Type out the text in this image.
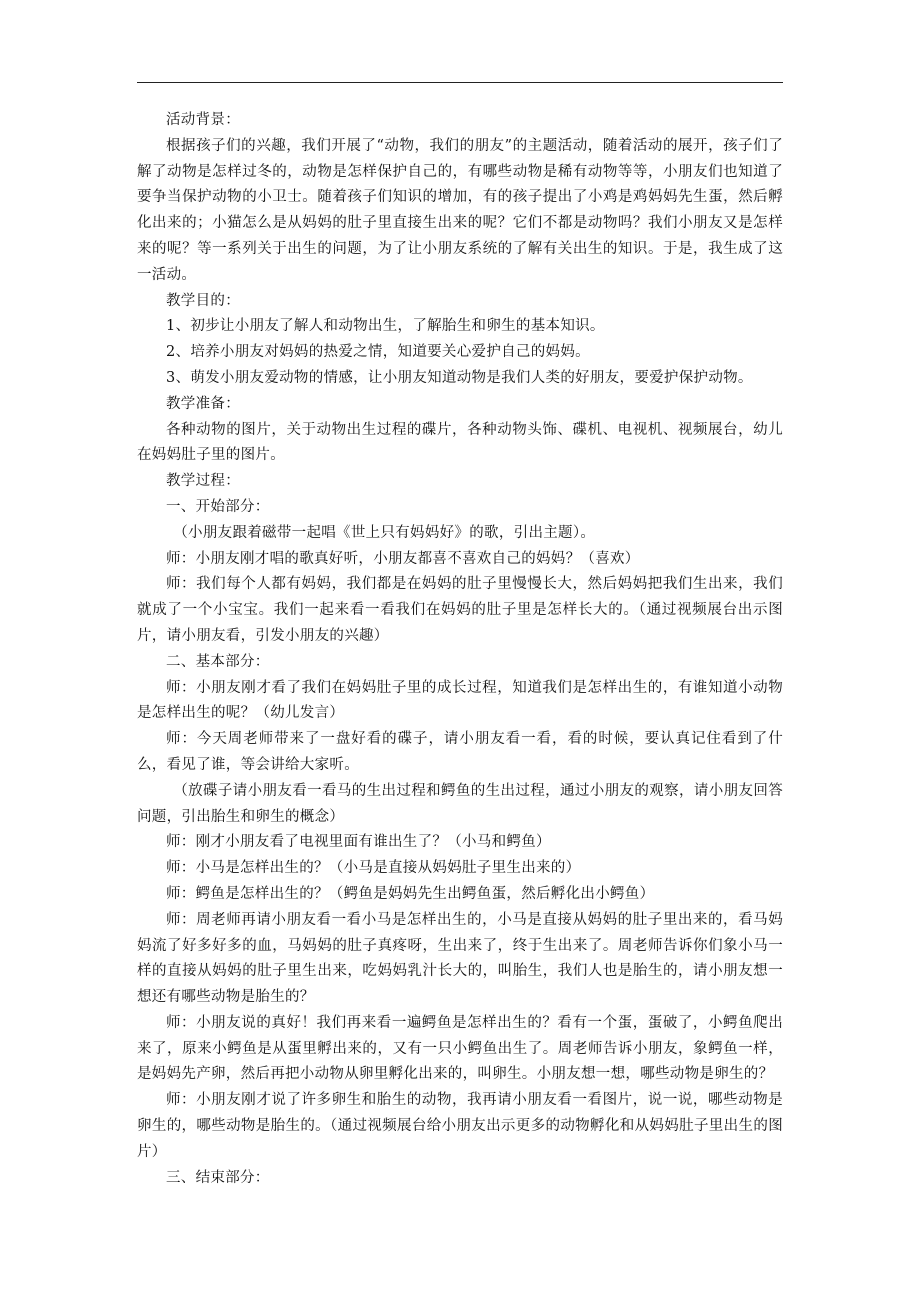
活动背景：

根据孩子们的兴趣，我们开展了“动物，我们的朋友”的主题活动，随着活动的展开，孩子们了解了动物是怎样过冬的，动物是怎样保护自己的，有哪些动物是稀有动物等等，小朋友们也知道了要争当保护动物的小卫士。随着孩子们知识的增加，有的孩子提出了小鸡是鸡妈妈先生蛋，然后孵化出来的；小猫怎么是从妈妈的肚子里直接生出来的呢？它们不都是动物吗？我们小朋友又是怎样来的呢？等一系列关于出生的问题，为了让小朋友系统的了解有关出生的知识。于是，我生成了这一活动。

教学目的：

1、初步让小朋友了解人和动物出生，了解胎生和卵生的基本知识。

2、培养小朋友对妈妈的热爱之情，知道要关心爱护自己的妈妈。

3、萌发小朋友爱动物的情感，让小朋友知道动物是我们人类的好朋友，要爱护保护动物。

教学准备：

各种动物的图片，关于动物出生过程的碟片，各种动物头饰、碟机、电视机、视频展台，幼儿在妈妈肚子里的图片。

教学过程：

一、开始部分：

（小朋友跟着磁带一起唱《世上只有妈妈好》的歌，引出主题）。

师：小朋友刚才唱的歌真好听，小朋友都喜不喜欢自己的妈妈？（喜欢）

师：我们每个人都有妈妈，我们都是在妈妈的肚子里慢慢长大，然后妈妈把我们生出来，我们就成了一个小宝宝。我们一起来看一看我们在妈妈的肚子里是怎样长大的。（通过视频展台出示图片，请小朋友看，引发小朋友的兴趣）

二、基本部分：

师：小朋友刚才看了我们在妈妈肚子里的成长过程，知道我们是怎样出生的，有谁知道小动物是怎样出生的呢？（幼儿发言）

师：今天周老师带来了一盘好看的碟子，请小朋友看一看，看的时候，要认真记住看到了什么，看见了谁，等会讲给大家听。

（放碟子请小朋友看一看马的生出过程和鳄鱼的生出过程，通过小朋友的观察，请小朋友回答问题，引出胎生和卵生的概念）

师：刚才小朋友看了电视里面有谁出生了？（小马和鳄鱼）

师：小马是怎样出生的？（小马是直接从妈妈肚子里生出来的）

师：鳄鱼是怎样出生的？（鳄鱼是妈妈先生出鳄鱼蛋，然后孵化出小鳄鱼）

师：周老师再请小朋友看一看小马是怎样出生的，小马是直接从妈妈的肚子里出来的，看马妈妈流了好多好多的血，马妈妈的肚子真疼呀，生出来了，终于生出来了。周老师告诉你们象小马一样的直接从妈妈的肚子里生出来，吃妈妈乳汁长大的，叫胎生，我们人也是胎生的，请小朋友想一想还有哪些动物是胎生的？

师：小朋友说的真好！我们再来看一遍鳄鱼是怎样出生的？看有一个蛋，蛋破了，小鳄鱼爬出来了，原来小鳄鱼是从蛋里孵出来的，又有一只小鳄鱼出生了。周老师告诉小朋友，象鳄鱼一样，是妈妈先产卵，然后再把小动物从卵里孵化出来的，叫卵生。小朋友想一想，哪些动物是卵生的？

师：小朋友刚才说了许多卵生和胎生的动物，我再请小朋友看一看图片，说一说，哪些动物是卵生的，哪些动物是胎生的。（通过视频展台给小朋友出示更多的动物孵化和从妈妈肚子里出生的图片）

三、结束部分：
